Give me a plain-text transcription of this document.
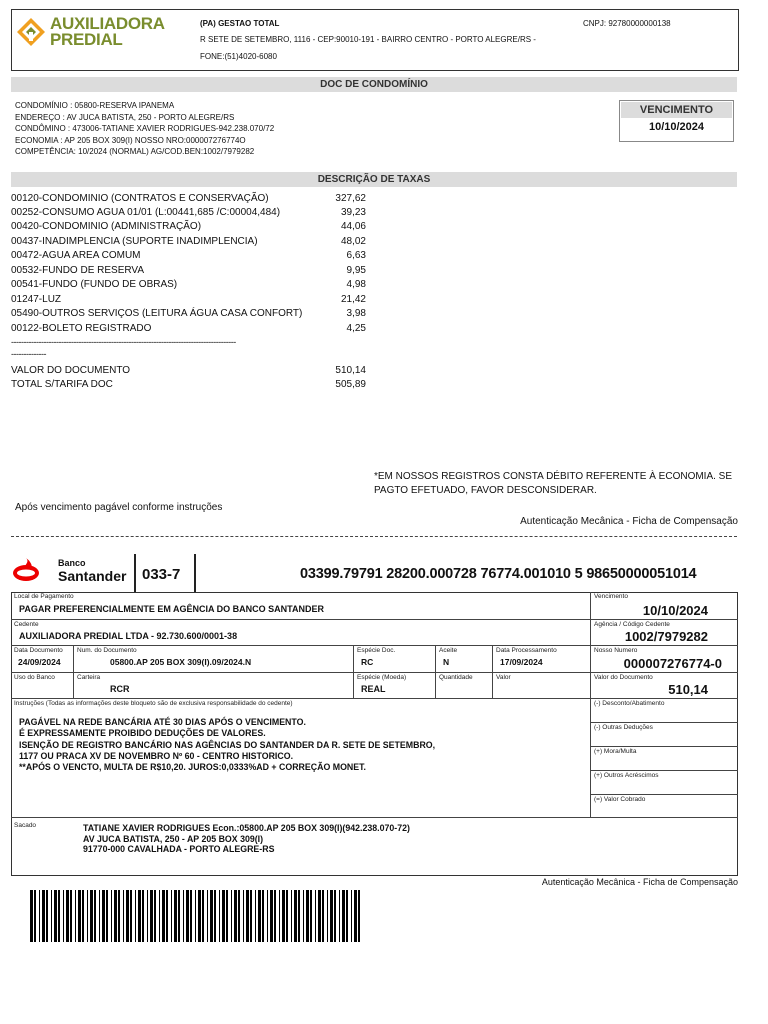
AUXILIADORA
PREDIAL
(PA) GESTAO TOTAL
R SETE DE SETEMBRO, 1116 - CEP:90010-191 - BAIRRO CENTRO - PORTO ALEGRE/RS -
FONE:(51)4020-6080
CNPJ: 92780000000138
DOC DE CONDOMÍNIO
CONDOMÍNIO : 05800-RESERVA IPANEMA
ENDEREÇO : AV JUCA BATISTA, 250 - PORTO ALEGRE/RS
CONDÔMINO : 473006-TATIANE XAVIER RODRIGUES-942.238.070/72
ECONOMIA : AP 205 BOX 309(I) NOSSO NRO:000007276774O
COMPETÊNCIA: 10/2024 (NORMAL) AG/COD.BEN:1002/7979282
VENCIMENTO
10/10/2024
DESCRIÇÃO DE TAXAS
00120-CONDOMINIO (CONTRATOS E CONSERVAÇÃO)	327,62
00252-CONSUMO AGUA 01/01 (L:00441,685 /C:00004,484)	39,23
00420-CONDOMINIO (ADMINISTRAÇÃO)	44,06
00437-INADIMPLENCIA (SUPORTE INADIMPLENCIA)	48,02
00472-AGUA AREA COMUM	6,63
00532-FUNDO DE RESERVA	9,95
00541-FUNDO (FUNDO DE OBRAS)	4,98
01247-LUZ	21,42
05490-OUTROS SERVIÇOS (LEITURA ÁGUA CASA CONFORT)	3,98
00122-BOLETO REGISTRADO	4,25
------------------------------------------------------------------------------------------
--------------
VALOR DO DOCUMENTO	510,14
TOTAL S/TARIFA DOC	505,89
*EM NOSSOS REGISTROS CONSTA DÉBITO REFERENTE À ECONOMIA. SE PAGTO EFETUADO, FAVOR DESCONSIDERAR.
Após vencimento pagável conforme instruções
Autenticação Mecânica - Ficha de Compensação
Banco
Santander 033-7	03399.79791 28200.000728 76774.001010 5 98650000051014
Local de Pagamento
PAGAR PREFERENCIALMENTE EM AGÊNCIA DO BANCO SANTANDER
Vencimento
10/10/2024
Cedente
AUXILIADORA PREDIAL LTDA - 92.730.600/0001-38
Agência / Código Cedente
1002/7979282
Data Documento
24/09/2024
Num. do Documento
05800.AP 205 BOX 309(I).09/2024.N
Espécie Doc.
RC
Aceite
N
Data Processamento
17/09/2024
Nosso Numero
000007276774-0
Uso do Banco	Carteira
RCR
Espécie (Moeda)
REAL
Quantidade	Valor	Valor do Documento
510,14
Instruções (Todas as informações deste bloqueto são de exclusiva responsabilidade do cedente)
PAGÁVEL NA REDE BANCÁRIA ATÉ 30 DIAS APÓS O VENCIMENTO.
É EXPRESSAMENTE PROIBIDO DEDUÇÕES DE VALORES.
ISENÇÃO DE REGISTRO BANCÁRIO NAS AGÊNCIAS DO SANTANDER DA R. SETE DE SETEMBRO,
1177 OU PRACA XV DE NOVEMBRO Nº 60 - CENTRO HISTORICO.
**APÓS O VENCTO, MULTA DE R$10,20. JUROS:0,0333%AD + CORREÇÃO MONET.
(-) Desconto/Abatimento
(-) Outras Deduções
(+) Mora/Multa
(+) Outros Acréscimos
(=) Valor Cobrado
Sacado	TATIANE XAVIER RODRIGUES Econ.:05800.AP 205 BOX 309(I)(942.238.070-72)
AV JUCA BATISTA, 250 - AP 205 BOX 309(I)
91770-000 CAVALHADA - PORTO ALEGRE-RS
Autenticação Mecânica - Ficha de Compensação
